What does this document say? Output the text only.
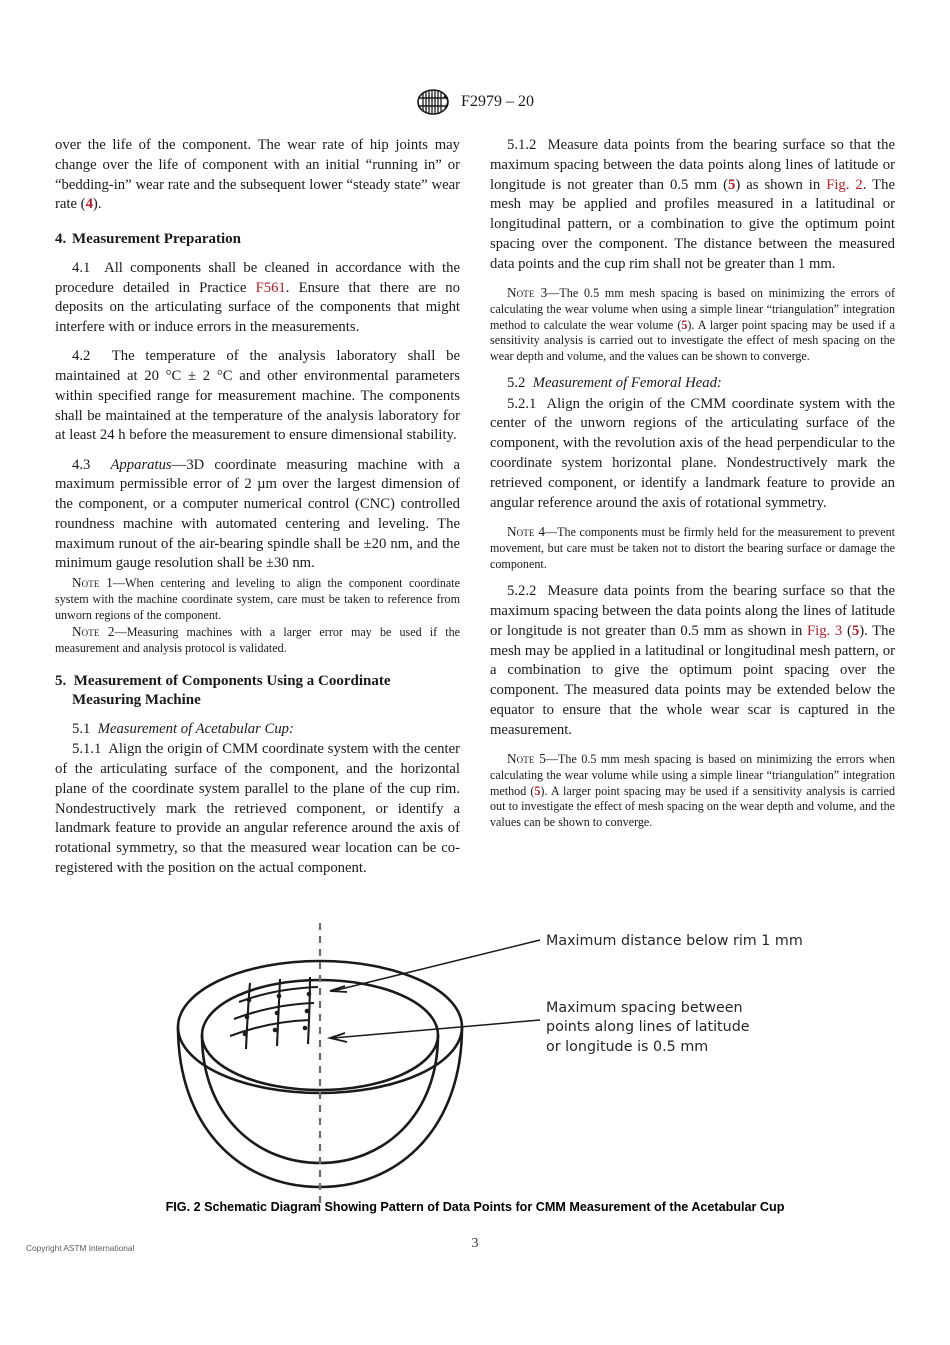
F2979 – 20

over the life of the component. The wear rate of hip joints may change over the life of component with an initial “running in” or “bedding-in” wear rate and the subsequent lower “steady state” wear rate (4).

4. Measurement Preparation

4.1 All components shall be cleaned in accordance with the procedure detailed in Practice F561. Ensure that there are no deposits on the articulating surface of the components that might interfere with or induce errors in the measurements.

4.2 The temperature of the analysis laboratory shall be maintained at 20 °C ± 2 °C and other environmental parameters within specified range for measurement machine. The components shall be maintained at the temperature of the analysis laboratory for at least 24 h before the measurement to ensure dimensional stability.

4.3 Apparatus—3D coordinate measuring machine with a maximum permissible error of 2 µm over the largest dimension of the component, or a computer numerical control (CNC) controlled roundness machine with automated centering and leveling. The maximum runout of the air-bearing spindle shall be ±20 nm, and the minimum gauge resolution shall be ±30 nm.

Note 1—When centering and leveling to align the component coordinate system with the machine coordinate system, care must be taken to reference from unworn regions of the component.

Note 2—Measuring machines with a larger error may be used if the measurement and analysis protocol is validated.

5. Measurement of Components Using a Coordinate Measuring Machine
5.1 Measurement of Acetabular Cup:

5.1.1 Align the origin of CMM coordinate system with the center of the articulating surface of the component, and the horizontal plane of the coordinate system parallel to the plane of the cup rim. Nondestructively mark the retrieved component, or identify a landmark feature to provide an angular reference around the axis of rotational symmetry, so that the measured wear location can be co-registered with the position on the actual component.

5.1.2 Measure data points from the bearing surface so that the maximum spacing between the data points along lines of latitude or longitude is not greater than 0.5 mm (5) as shown in Fig. 2. The mesh may be applied and profiles measured in a latitudinal or longitudinal pattern, or a combination to give the optimum point spacing over the component. The distance between the measured data points and the cup rim shall not be greater than 1 mm.

Note 3—The 0.5 mm mesh spacing is based on minimizing the errors of calculating the wear volume when using a simple linear “triangulation” integration method to calculate the wear volume (5). A larger point spacing may be used if a sensitivity analysis is carried out to investigate the effect of mesh spacing on the wear depth and volume, and the values can be shown to converge.

5.2 Measurement of Femoral Head:

5.2.1 Align the origin of the CMM coordinate system with the center of the unworn regions of the articulating surface of the component, with the revolution axis of the head perpendicular to the coordinate system horizontal plane. Nondestructively mark the retrieved component, or identify a landmark feature to provide an angular reference around the axis of rotational symmetry.

Note 4—The components must be firmly held for the measurement to prevent movement, but care must be taken not to distort the bearing surface or damage the component.

5.2.2 Measure data points from the bearing surface so that the maximum spacing between the data points along the lines of latitude or longitude is not greater than 0.5 mm as shown in Fig. 3 (5). The mesh may be applied in a latitudinal or longitudinal mesh pattern, or a combination to give the optimum point spacing over the component. The measured data points may be extended below the equator to ensure that the whole wear scar is captured in the measurement.

Note 5—The 0.5 mm mesh spacing is based on minimizing the errors when calculating the wear volume while using a simple linear “triangulation” integration method (5). A larger point spacing may be used if a sensitivity analysis is carried out to investigate the effect of mesh spacing on the wear depth and volume, and the values can be shown to converge.

Maximum distance below rim 1 mm
Maximum spacing between
points along lines of latitude
or longitude is 0.5 mm
FIG. 2 Schematic Diagram Showing Pattern of Data Points for CMM Measurement of the Acetabular Cup
Copyright ASTM International	3
